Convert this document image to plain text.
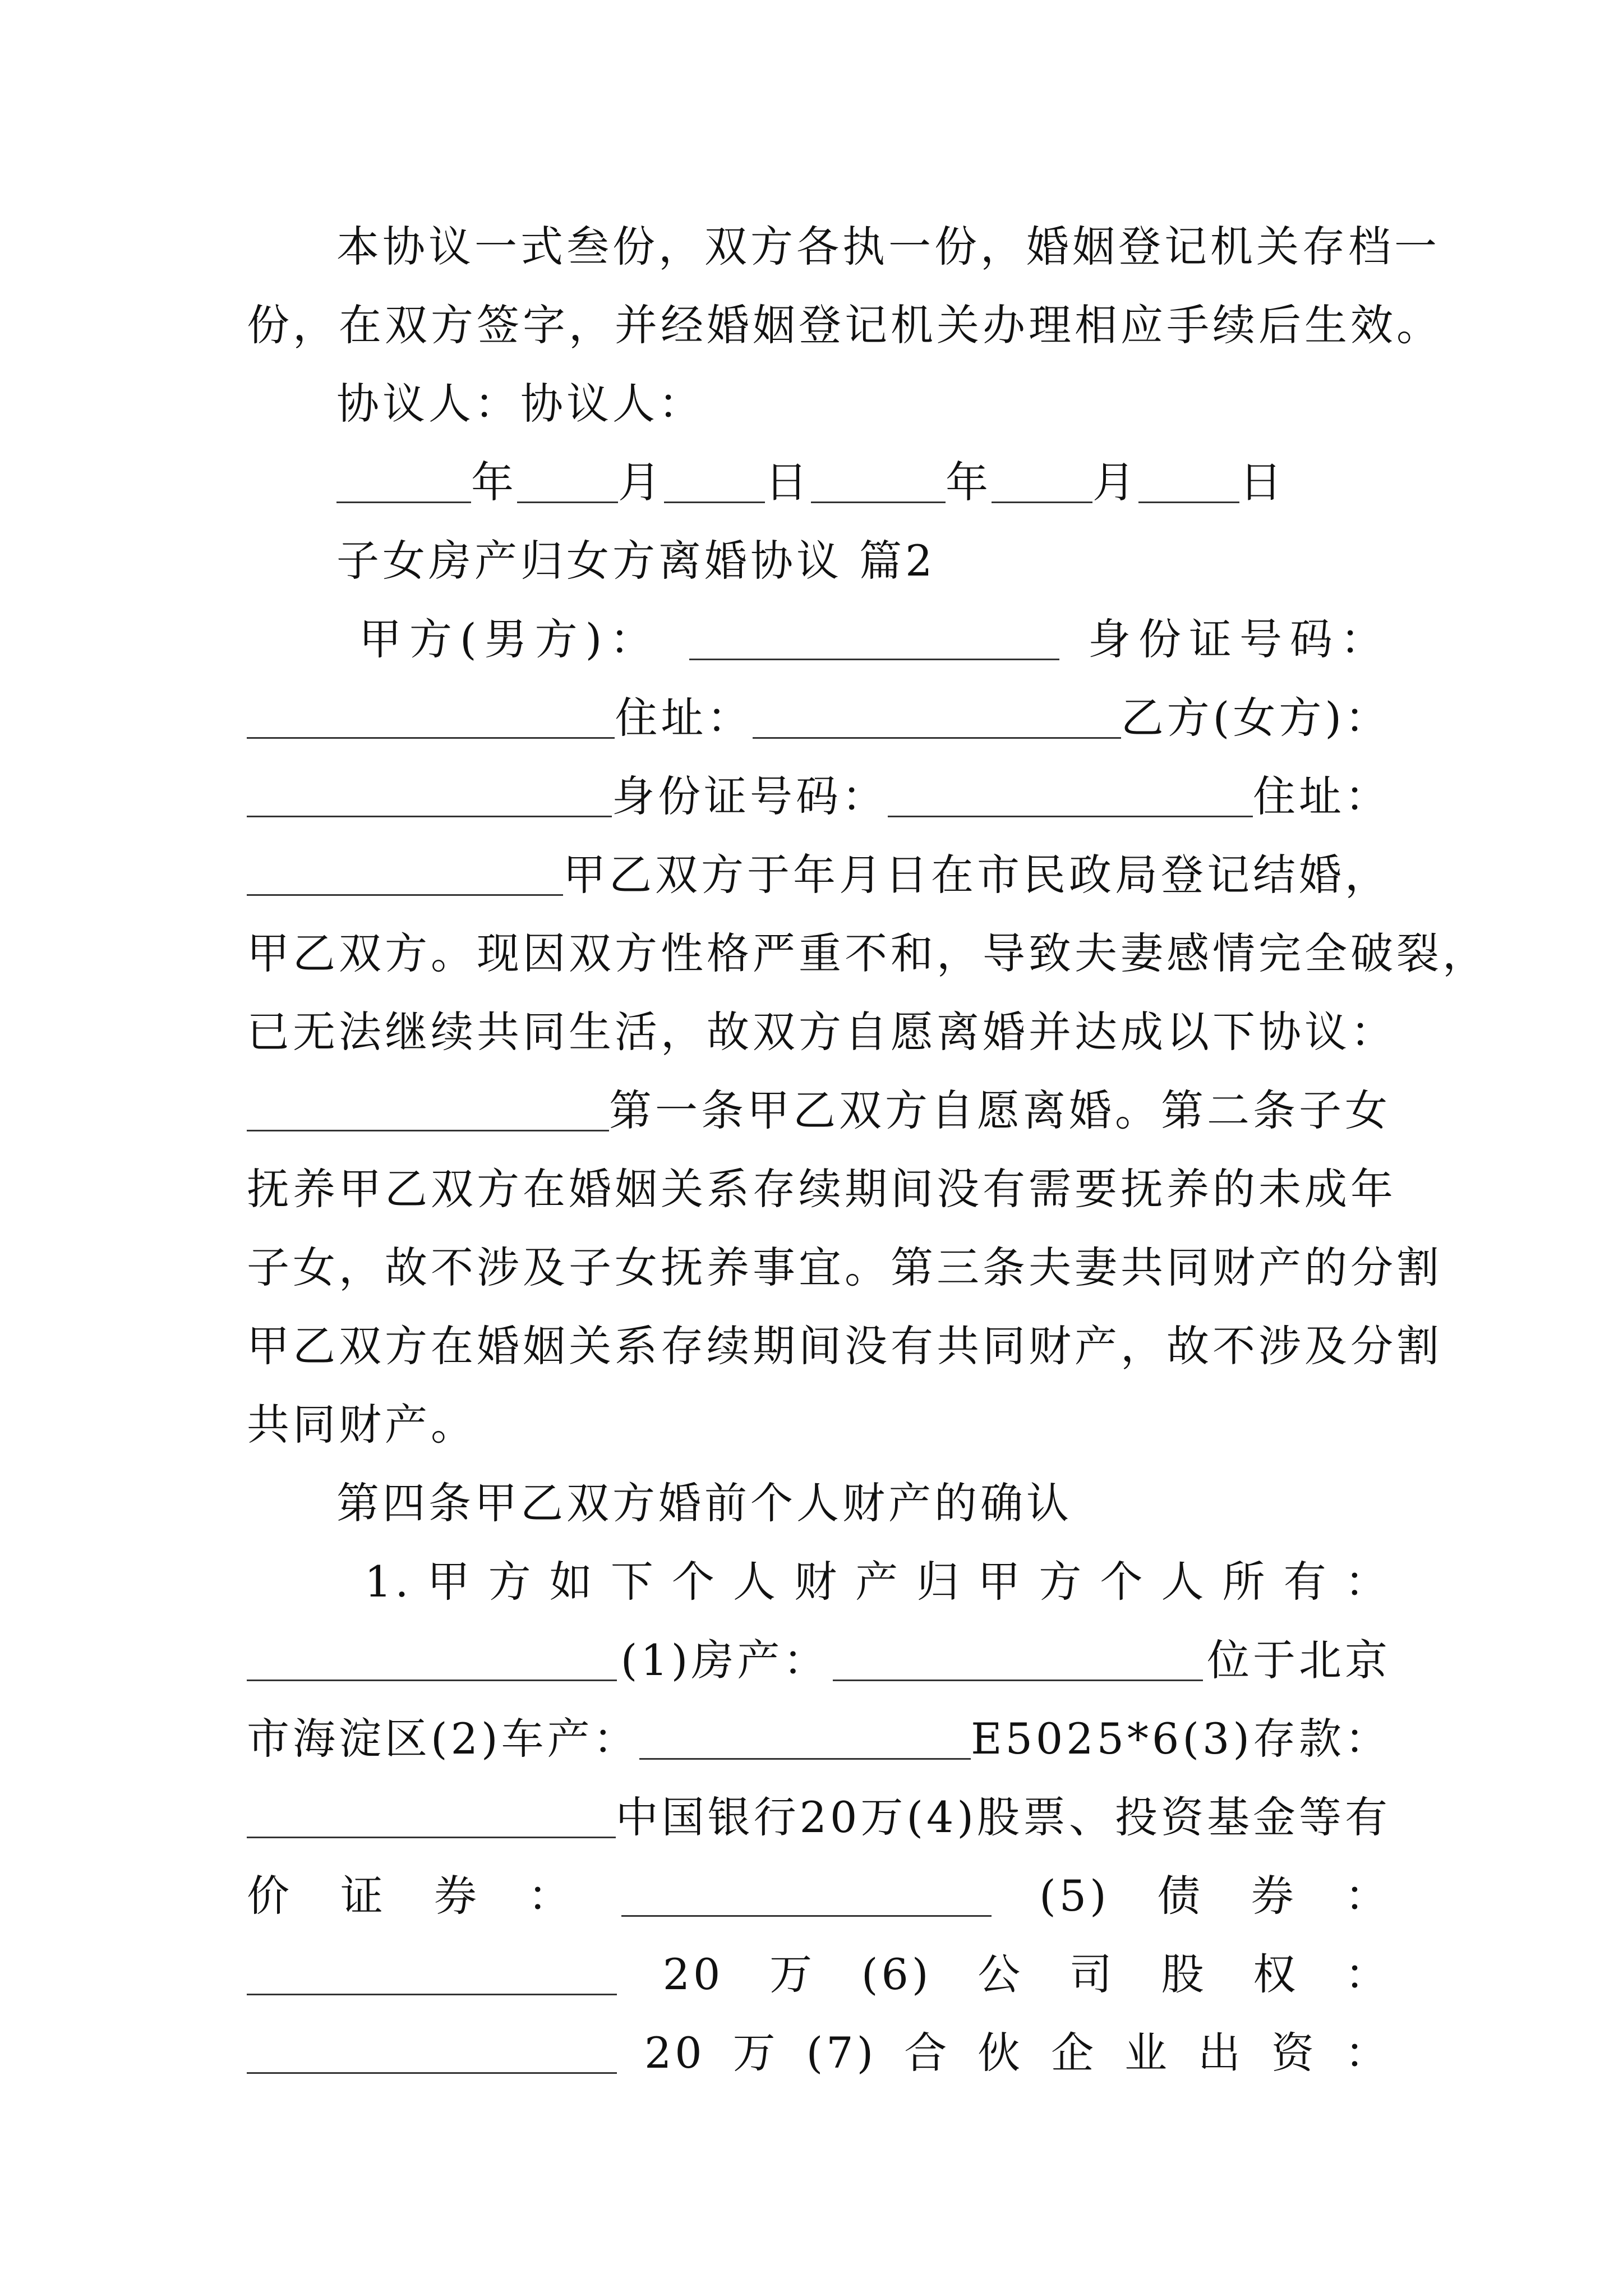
本协议一式叁份，双方各执一份，婚姻登记机关存档一
份，在双方签字，并经婚姻登记机关办理相应手续后生效。
协议人：协议人：
年 月 日	年 月 日
子女房产归女方离婚协议 篇2
甲方(男方)：	身份证号码：
住址：	乙方(女方)：
身份证号码：	住址：
甲乙双方于年月日在市民政局登记结婚，
甲乙双方。现因双方性格严重不和，导致夫妻感情完全破裂，
已无法继续共同生活，故双方自愿离婚并达成以下协议：
第一条甲乙双方自愿离婚。第二条子女
抚养甲乙双方在婚姻关系存续期间没有需要抚养的未成年
子女，故不涉及子女抚养事宜。第三条夫妻共同财产的分割
甲乙双方在婚姻关系存续期间没有共同财产，故不涉及分割
共同财产。
第四条甲乙双方婚前个人财产的确认
1. 甲 方 如 下 个 人 财 产 归 甲 方 个 人 所 有 ：
(1)房产：	位于北京
市海淀区(2)车产：	E5025*6(3)存款：
中国银行20万(4)股票、投资基金等有
价 证 券 ：	(5) 债 券 ：
20 万 (6) 公 司 股 权 ：
20 万 (7) 合 伙 企 业 出 资 ：
